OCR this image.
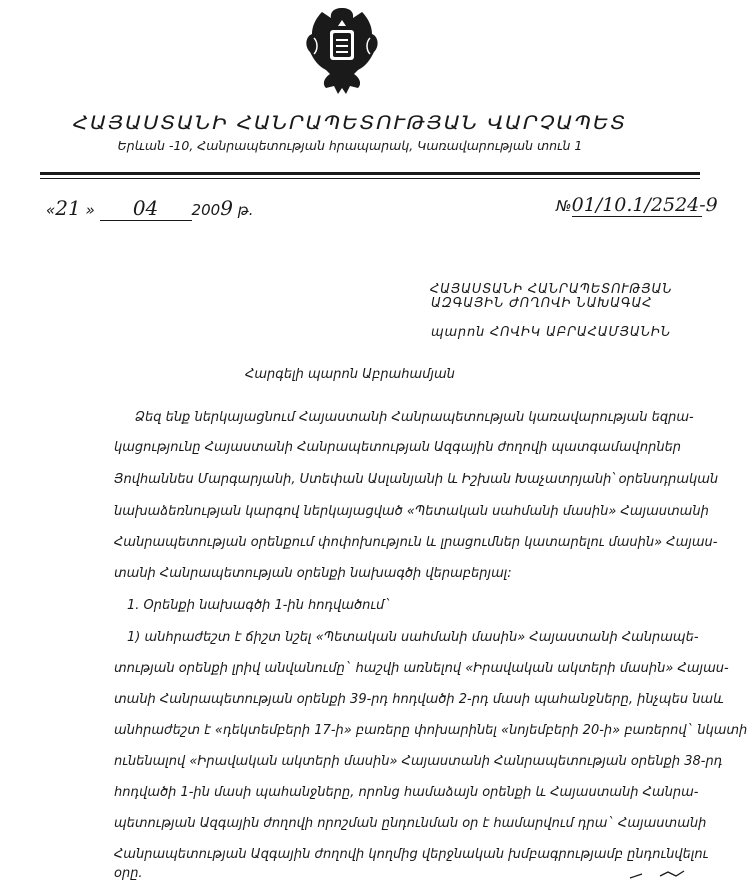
ՀԱՅԱՍՏԱՆԻ ՀԱՆՐԱՊԵՏՈՒԹՅԱՆ ՎԱՐՉԱՊԵՏ
Երևան -10, Հանրապետության հրապարակ, Կառավարության տուն 1
«21 » 04 2009 թ.	№01/10.1/2524-9
ՀԱՅԱՍՏԱՆԻ ՀԱՆՐԱՊԵՏՈՒԹՅԱՆ
ԱԶԳԱՅԻՆ ԺՈՂՈՎԻ ՆԱԽԱԳԱՀ
պարոն ՀՈՎԻԿ ԱԲՐԱՀԱՄՅԱՆԻՆ
Հարգելի պարոն Աբրահամյան
Ձեզ ենք ներկայացնում Հայաստանի Հանրապետության կառավարության եզրա-
կացությունը Հայաստանի Հանրապետության Ազգային ժողովի պատգամավորներ
Յովհաննես Մարգարյանի, Ստեփան Ասլանյանի և Իշխան Խաչատրյանի՝ օրենսդրական
նախաձեռնության կարգով ներկայացված «Պետական սահմանի մասին» Հայաստանի
Հանրապետության օրենքում փոփոխություն և լրացումներ կատարելու մասին» Հայաս-
տանի Հանրապետության օրենքի նախագծի վերաբերյալ:
1. Օրենքի նախագծի 1-ին հոդվածում`
1) անհրաժեշտ է ճիշտ նշել «Պետական սահմանի մասին» Հայաստանի Հանրապե-
տության օրենքի լրիվ անվանումը` հաշվի առնելով «Իրավական ակտերի մասին» Հայաս-
տանի Հանրապետության օրենքի 39-րդ հոդվածի 2-րդ մասի պահանջները, ինչպես նաև
անհրաժեշտ է «դեկտեմբերի 17-ի» բառերը փոխարինել «նոյեմբերի 20-ի» բառերով` նկատի
ունենալով «Իրավական ակտերի մասին» Հայաստանի Հանրապետության օրենքի 38-րդ
հոդվածի 1-ին մասի պահանջները, որոնց համաձայն օրենքի և Հայաստանի Հանրա-
պետության Ազգային ժողովի որոշման ընդունման օր է համարվում դրա` Հայաստանի
Հանրապետության Ազգային ժողովի կողմից վերջնական խմբագրությամբ ընդունվելու
օրը.
